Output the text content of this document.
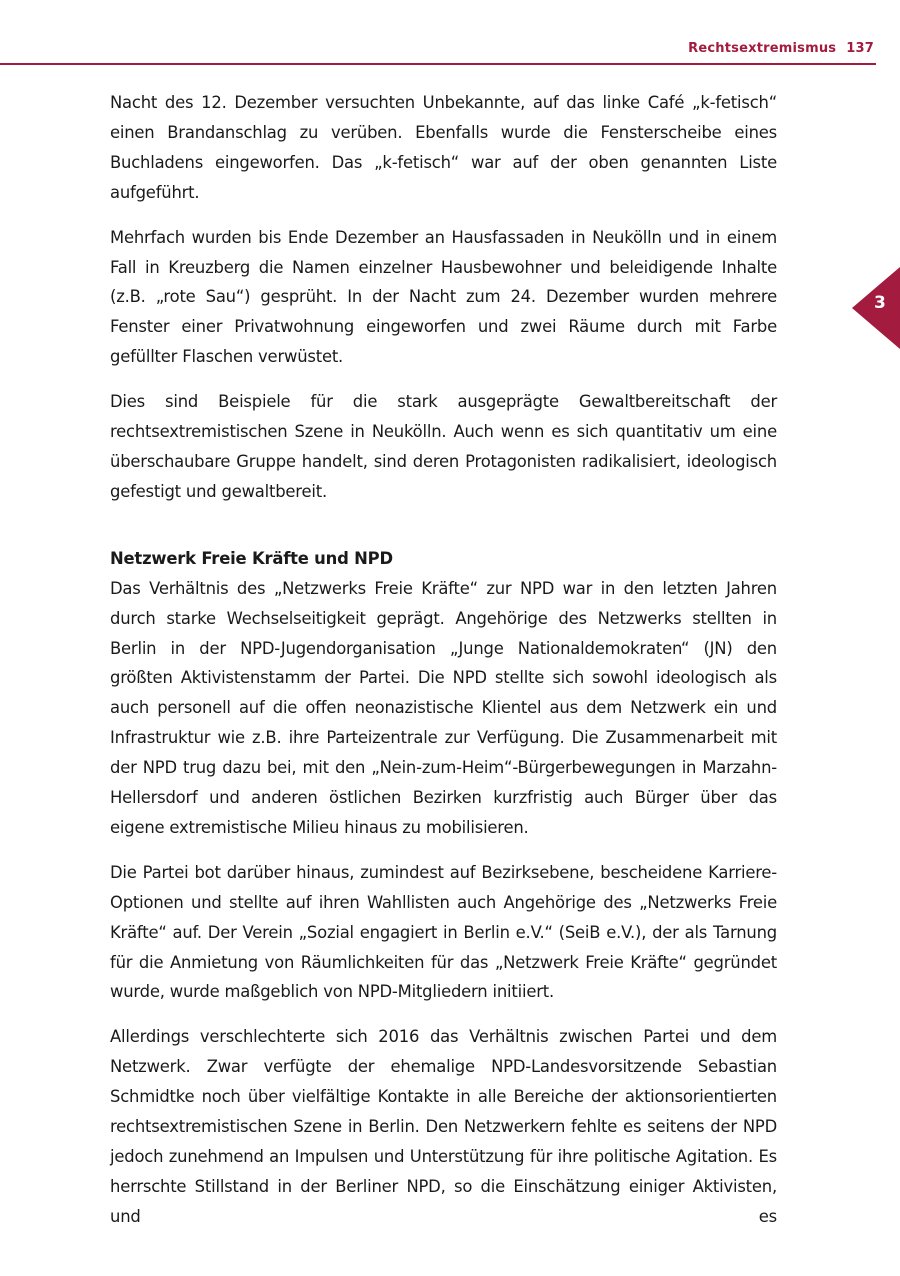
Rechtsextremismus 137
3

Nacht des 12. Dezember versuchten Unbekannte, auf das linke Café „k-fetisch“ einen Brandanschlag zu verüben. Ebenfalls wurde die Fensterscheibe eines Buchladens eingeworfen. Das „k-fetisch“ war auf der oben genannten Liste aufgeführt.

Mehrfach wurden bis Ende Dezember an Hausfassaden in Neukölln und in einem Fall in Kreuzberg die Namen einzelner Hausbewohner und beleidigende Inhalte (z.B. „rote Sau“) gesprüht. In der Nacht zum 24. Dezember wurden mehrere Fenster einer Privatwohnung eingeworfen und zwei Räume durch mit Farbe gefüllter Flaschen verwüstet.

Dies sind Beispiele für die stark ausgeprägte Gewaltbereitschaft der rechtsextremistischen Szene in Neukölln. Auch wenn es sich quantitativ um eine überschaubare Gruppe handelt, sind deren Protagonisten radikalisiert, ideologisch gefestigt und gewaltbereit.

Netzwerk Freie Kräfte und NPD

Das Verhältnis des „Netzwerks Freie Kräfte“ zur NPD war in den letzten Jahren durch starke Wechselseitigkeit geprägt. Angehörige des Netzwerks stellten in Berlin in der NPD-Jugendorganisation „Junge Nationaldemokraten“ (JN) den größten Aktivistenstamm der Partei. Die NPD stellte sich sowohl ideologisch als auch personell auf die offen neonazistische Klientel aus dem Netzwerk ein und Infrastruktur wie z.B. ihre Parteizentrale zur Verfügung. Die Zusammenarbeit mit der NPD trug dazu bei, mit den „Nein-zum-Heim“-Bürgerbewegungen in Marzahn-Hellersdorf und anderen östlichen Bezirken kurzfristig auch Bürger über das eigene extremistische Milieu hinaus zu mobilisieren.

Die Partei bot darüber hinaus, zumindest auf Bezirksebene, bescheidene Karriere-Optionen und stellte auf ihren Wahllisten auch Angehörige des „Netzwerks Freie Kräfte“ auf. Der Verein „Sozial engagiert in Berlin e.V.“ (SeiB e.V.), der als Tarnung für die Anmietung von Räumlichkeiten für das „Netzwerk Freie Kräfte“ gegründet wurde, wurde maßgeblich von NPD-Mitgliedern initiiert.

Allerdings verschlechterte sich 2016 das Verhältnis zwischen Partei und dem Netzwerk. Zwar verfügte der ehemalige NPD-Landesvorsitzende Sebastian Schmidtke noch über vielfältige Kontakte in alle Bereiche der aktionsorientierten rechtsextremistischen Szene in Berlin. Den Netzwerkern fehlte es seitens der NPD jedoch zunehmend an Impulsen und Unterstützung für ihre politische Agitation. Es herrschte Stillstand in der Berliner NPD, so die Einschätzung einiger Aktivisten, und es
